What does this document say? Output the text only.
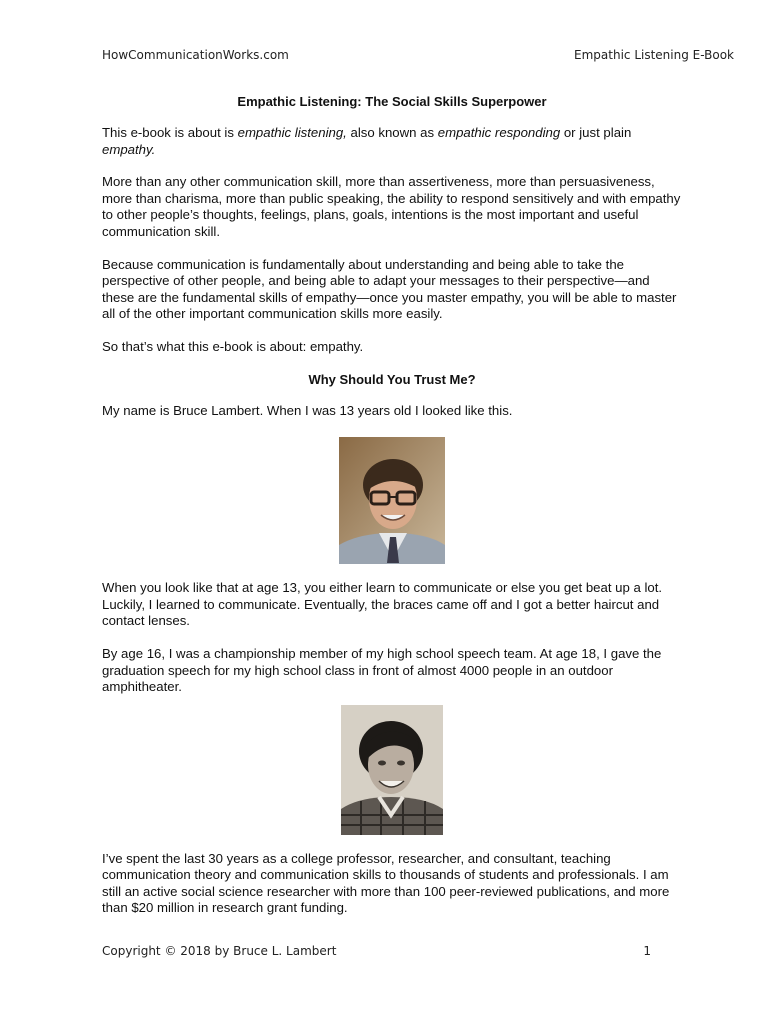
HowCommunicationWorks.com	Empathic Listening E-Book
Empathic Listening: The Social Skills Superpower

This e-book is about is empathic listening, also known as empathic responding or just plain empathy.

More than any other communication skill, more than assertiveness, more than persuasiveness, more than charisma, more than public speaking, the ability to respond sensitively and with empathy to other people’s thoughts, feelings, plans, goals, intentions is the most important and useful communication skill.

Because communication is fundamentally about understanding and being able to take the perspective of other people, and being able to adapt your messages to their perspective—and these are the fundamental skills of empathy—once you master empathy, you will be able to master all of the other important communication skills more easily.

So that’s what this e-book is about: empathy.

Why Should You Trust Me?

My name is Bruce Lambert. When I was 13 years old I looked like this.

When you look like that at age 13, you either learn to communicate or else you get beat up a lot. Luckily, I learned to communicate. Eventually, the braces came off and I got a better haircut and contact lenses.

By age 16, I was a championship member of my high school speech team. At age 18, I gave the graduation speech for my high school class in front of almost 4000 people in an outdoor amphitheater.

I’ve spent the last 30 years as a college professor, researcher, and consultant, teaching communication theory and communication skills to thousands of students and professionals. I am still an active social science researcher with more than 100 peer-reviewed publications, and more than $20 million in research grant funding.

Copyright © 2018 by Bruce L. Lambert	1
